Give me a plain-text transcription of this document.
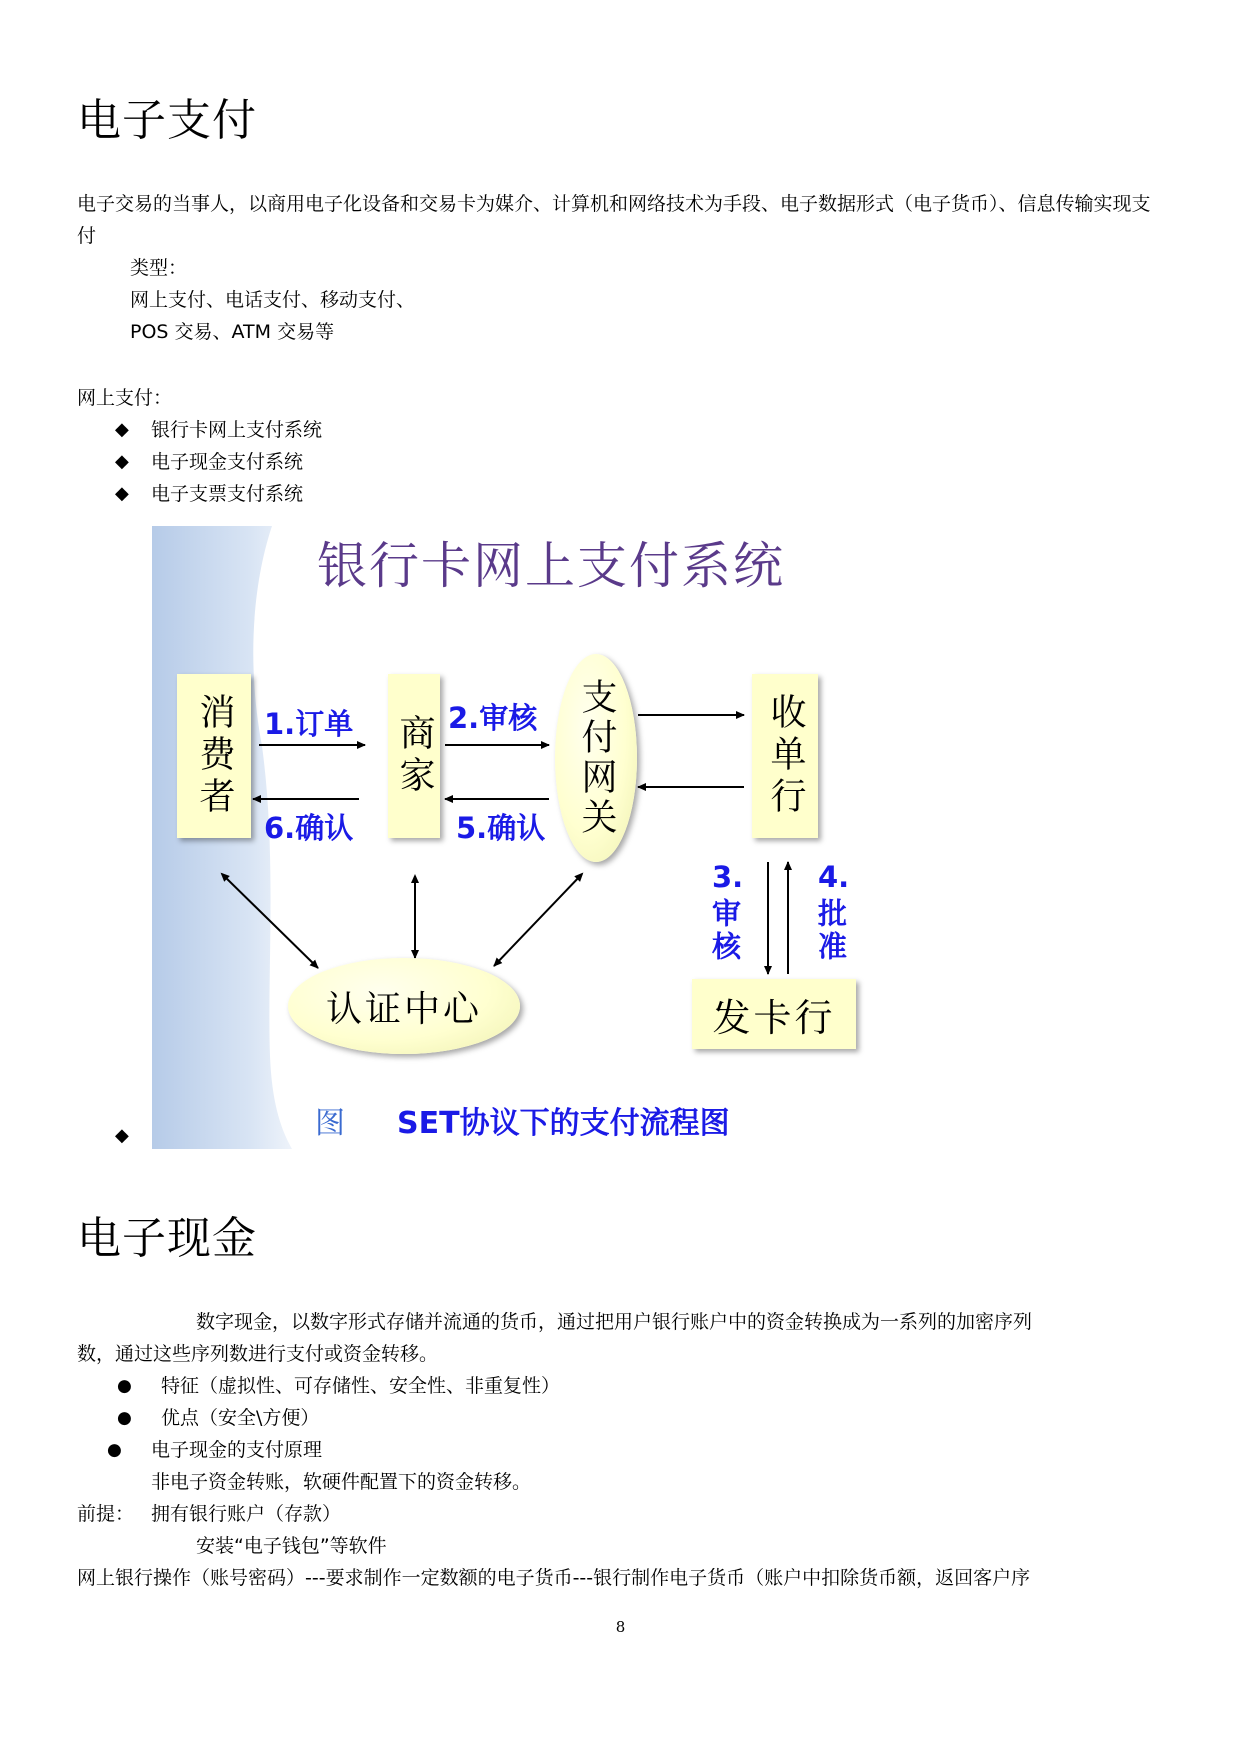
电子支付

电子交易的当事人，以商用电子化设备和交易卡为媒介、计算机和网络技术为手段、电子数据形式（电子货币）、信息传输实现支付

类型：
网上支付、电话支付、移动支付、
POS 交易、ATM 交易等
网上支付：
◆ 银行卡网上支付系统
◆ 电子现金支付系统
◆ 电子支票支付系统
◆
银行卡网上支付系统
消费者	商家	支付网关	收单行
认证中心	发卡行
1.订单
6.确认
2.审核
5.确认
3.
审核
4.
批准
图 SET协议下的支付流程图
电子现金
数字现金，以数字形式存储并流通的货币，通过把用户银行账户中的资金转换成为一系列的加密序列
数，通过这些序列数进行支付或资金转移。
● 特征（虚拟性、可存储性、安全性、非重复性）
● 优点（安全\方便）
● 电子现金的支付原理
非电子资金转账，软硬件配置下的资金转移。
前提： 拥有银行账户（存款）
安装“电子钱包”等软件
网上银行操作（账号密码）---要求制作一定数额的电子货币---银行制作电子货币（账户中扣除货币额，返回客户序
8
